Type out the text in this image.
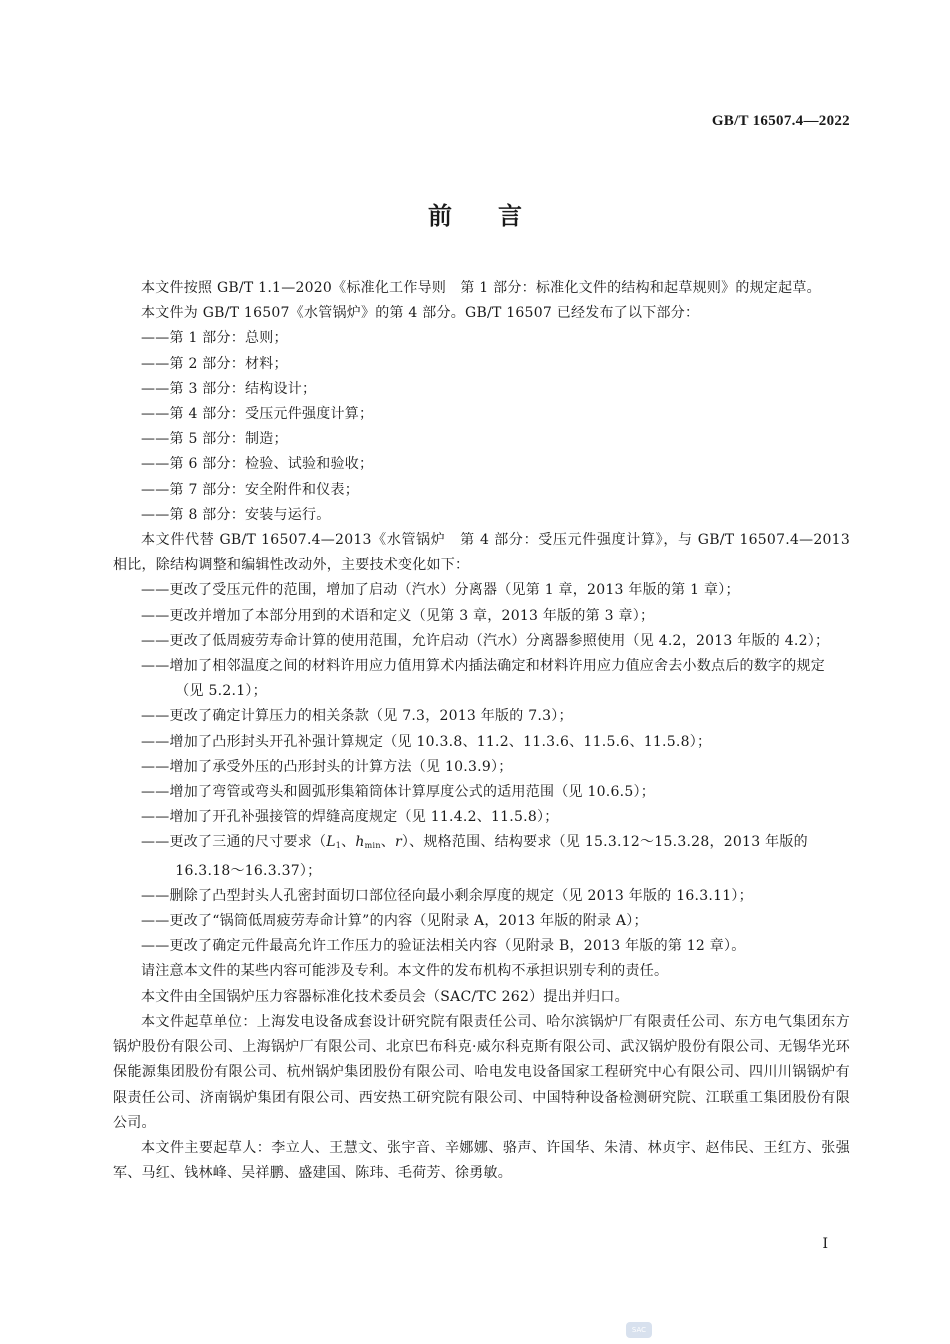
GB/T 16507.4—2022
前言

本文件按照 GB/T 1.1—2020《标准化工作导则　第 1 部分：标准化文件的结构和起草规则》的规定起草。

本文件为 GB/T 16507《水管锅炉》的第 4 部分。GB/T 16507 已经发布了以下部分：

——第 1 部分：总则；
——第 2 部分：材料；
——第 3 部分：结构设计；
——第 4 部分：受压元件强度计算；
——第 5 部分：制造；
——第 6 部分：检验、试验和验收；
——第 7 部分：安全附件和仪表；
——第 8 部分：安装与运行。

本文件代替 GB/T 16507.4—2013《水管锅炉　第 4 部分：受压元件强度计算》，与 GB/T 16507.4—2013 相比，除结构调整和编辑性改动外，主要技术变化如下：

——更改了受压元件的范围，增加了启动（汽水）分离器（见第 1 章，2013 年版的第 1 章）；
——更改并增加了本部分用到的术语和定义（见第 3 章，2013 年版的第 3 章）；
——更改了低周疲劳寿命计算的使用范围，允许启动（汽水）分离器参照使用（见 4.2，2013 年版的 4.2）；
——增加了相邻温度之间的材料许用应力值用算术内插法确定和材料许用应力值应舍去小数点后的数字的规定（见 5.2.1）；
——更改了确定计算压力的相关条款（见 7.3，2013 年版的 7.3）；
——增加了凸形封头开孔补强计算规定（见 10.3.8、11.2、11.3.6、11.5.6、11.5.8）；
——增加了承受外压的凸形封头的计算方法（见 10.3.9）；
——增加了弯管或弯头和圆弧形集箱筒体计算厚度公式的适用范围（见 10.6.5）；
——增加了开孔补强接管的焊缝高度规定（见 11.4.2、11.5.8）；
——更改了三通的尺寸要求（$L_1$、$h_{min}$、r）、规格范围、结构要求（见 15.3.12～15.3.28，2013 年版的 16.3.18～16.3.37）；
——删除了凸型封头人孔密封面切口部位径向最小剩余厚度的规定（见 2013 年版的 16.3.11）；
——更改了“锅筒低周疲劳寿命计算”的内容（见附录 A，2013 年版的附录 A）；
——更改了确定元件最高允许工作压力的验证法相关内容（见附录 B，2013 年版的第 12 章）。

请注意本文件的某些内容可能涉及专利。本文件的发布机构不承担识别专利的责任。

本文件由全国锅炉压力容器标准化技术委员会（SAC/TC 262）提出并归口。

本文件起草单位：上海发电设备成套设计研究院有限责任公司、哈尔滨锅炉厂有限责任公司、东方电气集团东方锅炉股份有限公司、上海锅炉厂有限公司、北京巴布科克·威尔科克斯有限公司、武汉锅炉股份有限公司、无锡华光环保能源集团股份有限公司、杭州锅炉集团股份有限公司、哈电发电设备国家工程研究中心有限公司、四川川锅锅炉有限责任公司、济南锅炉集团有限公司、西安热工研究院有限公司、中国特种设备检测研究院、江联重工集团股份有限公司。

本文件主要起草人：李立人、王慧文、张宇音、辛娜娜、骆声、许国华、朱清、林贞宇、赵伟民、王红方、张强军、马红、钱林峰、吴祥鹏、盛建国、陈玮、毛荷芳、徐勇敏。

Ⅰ
SAC
